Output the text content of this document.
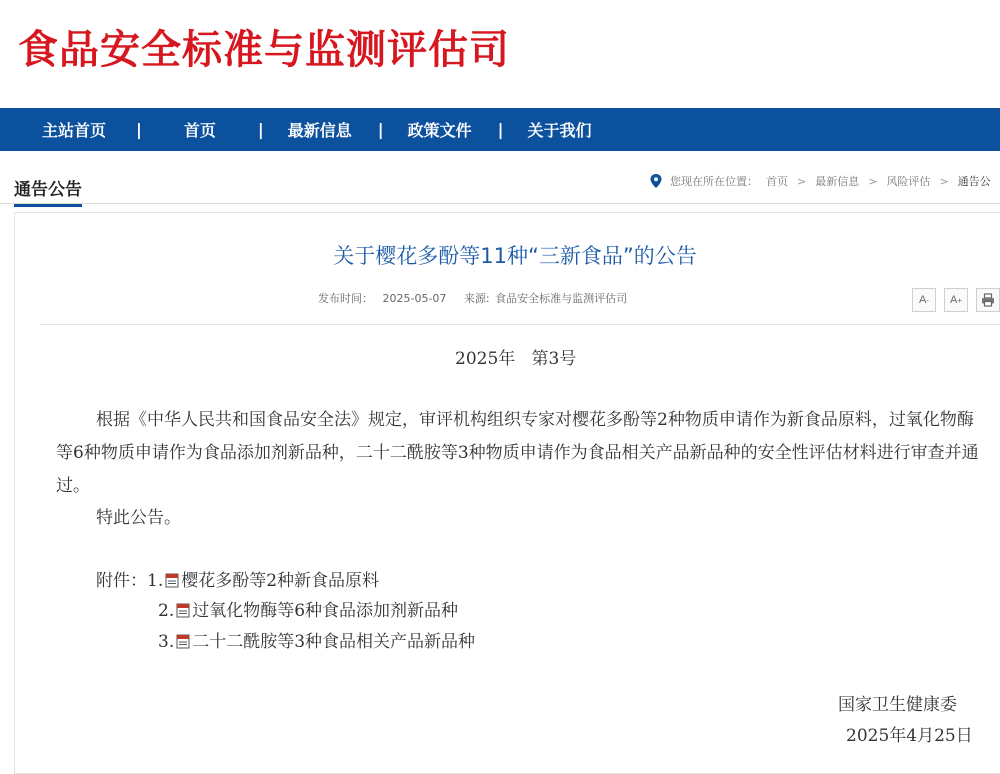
食品安全标准与监测评估司
主站首页 |	首页	| 最新信息 | 政策文件 | 关于我们
通告公告	您现在所在位置： 首页 > 最新信息 > 风险评估 > 通告公
关于樱花多酚等11种“三新食品”的公告
发布时间： 2025-05-07 来源: 食品安全标准与监测评估司	A - A +
2025年   第3号
根据《中华人民共和国食品安全法》规定，审评机构组织专家对樱花多酚等2种物质申请作为新食品原料，过氧化物酶等6种物质申请作为食品添加剂新品种，二十二酰胺等3种物质申请作为食品相关产品新品种的安全性评估材料进行审查并通过。
特此公告。
附件：1. 樱花多酚等2种新食品原料
2. 过氧化物酶等6种食品添加剂新品种
3. 二十二酰胺等3种食品相关产品新品种
国家卫生健康委
2025年4月25日
